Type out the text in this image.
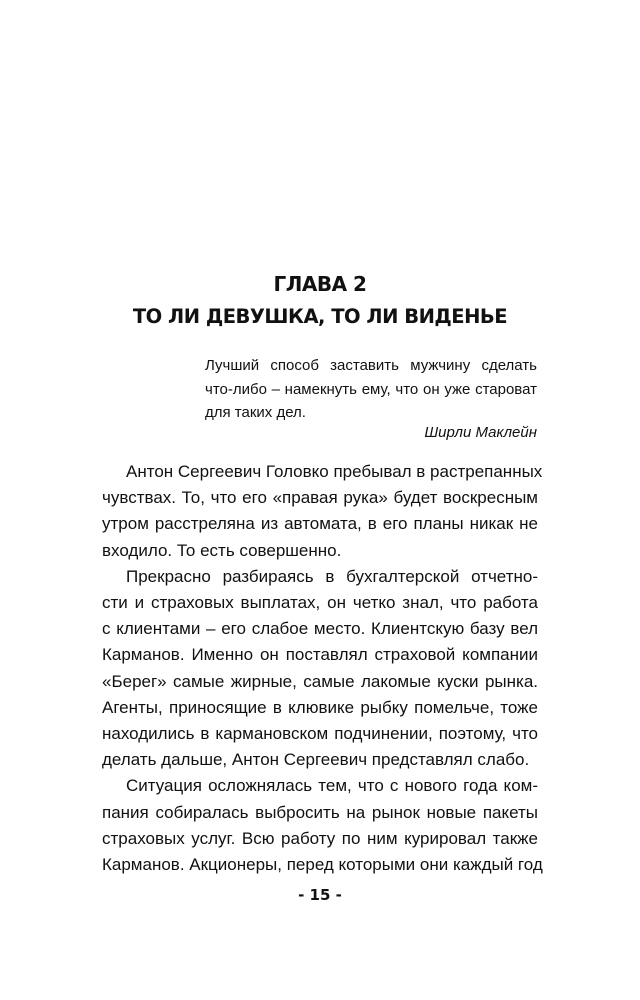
ГЛАВА 2
ТО ЛИ ДЕВУШКА, ТО ЛИ ВИДЕНЬЕ
Лучший способ заставить мужчину сделать
что-либо – намекнуть ему, что он уже староват
для таких дел.
Ширли Маклейн
Антон Сергеевич Головко пребывал в растрепанных
чувствах. То, что его «правая рука» будет воскресным
утром расстреляна из автомата, в его планы никак не
входило. То есть совершенно.
Прекрасно разбираясь в бухгалтерской отчетно-
сти и страховых выплатах, он четко знал, что работа
с клиентами – его слабое место. Клиентскую базу вел
Карманов. Именно он поставлял страховой компании
«Берег» самые жирные, самые лакомые куски рынка.
Агенты, приносящие в клювике рыбку помельче, тоже
находились в кармановском подчинении, поэтому, что
делать дальше, Антон Сергеевич представлял слабо.
Ситуация осложнялась тем, что с нового года ком-
пания собиралась выбросить на рынок новые пакеты
страховых услуг. Всю работу по ним курировал также
Карманов. Акционеры, перед которыми они каждый год
- 15 -
